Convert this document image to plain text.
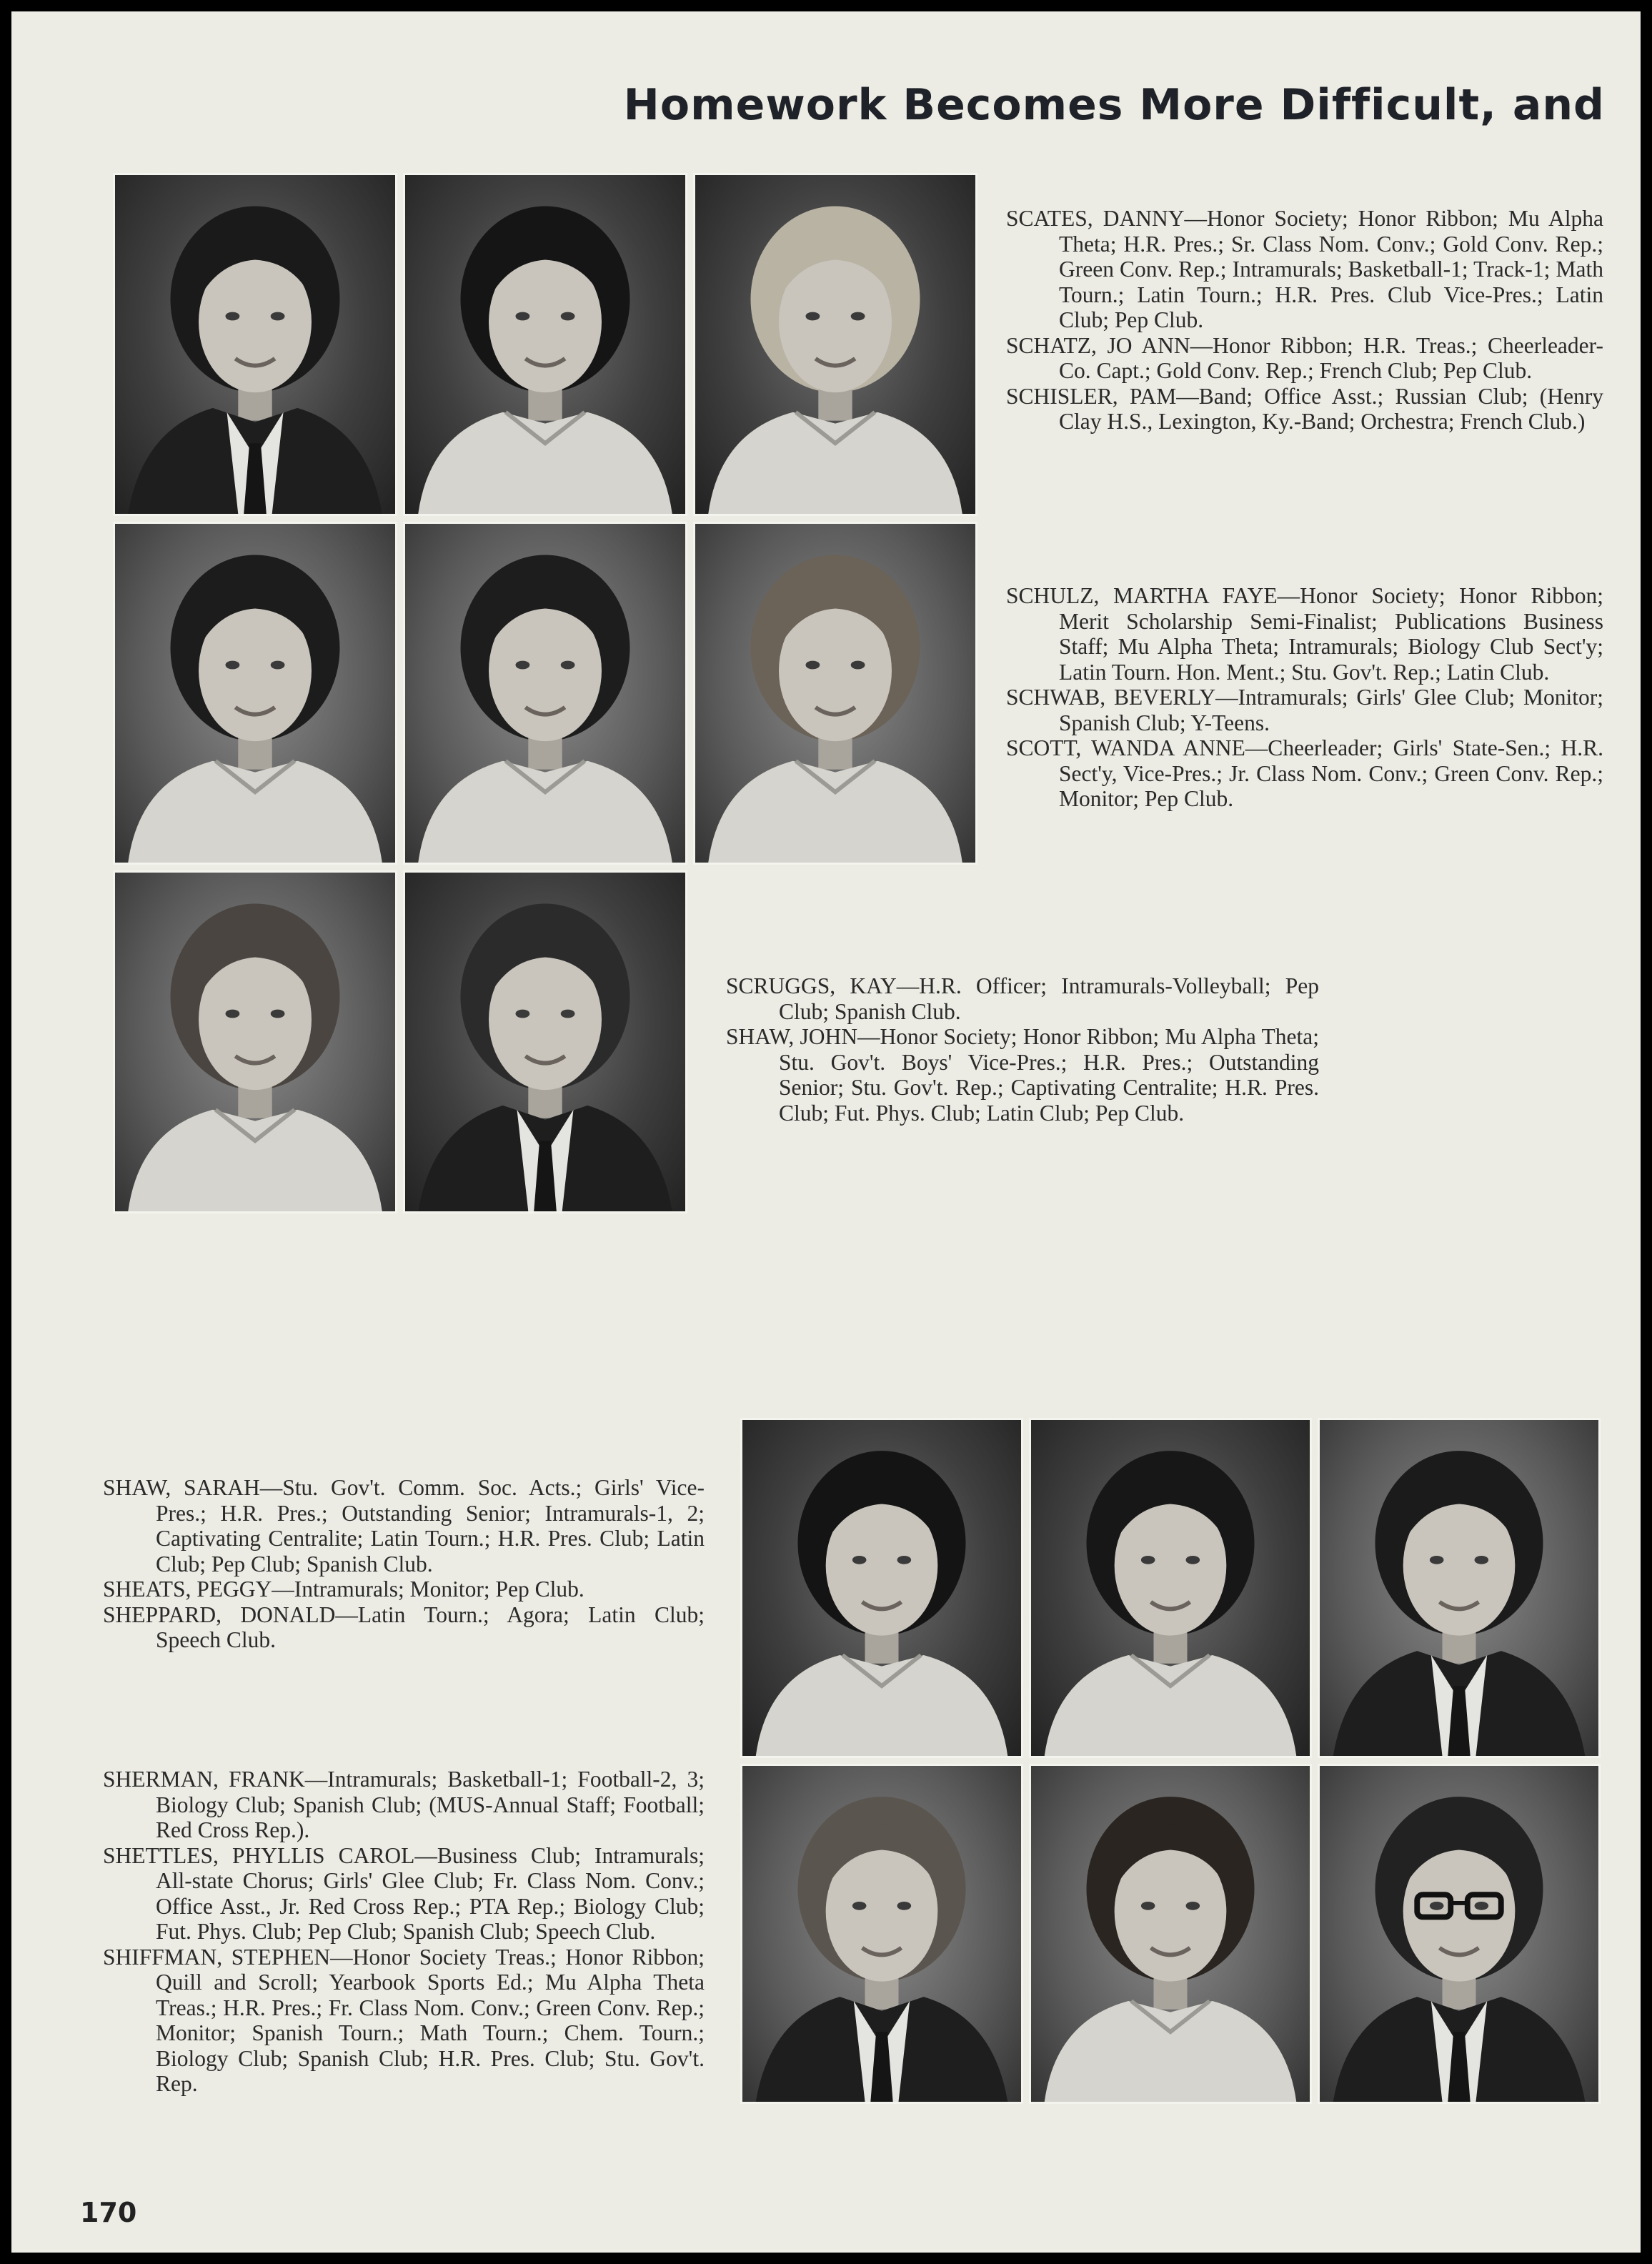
Homework Becomes More Difficult, and

SCATES, DANNY—Honor Society; Honor Ribbon; Mu Alpha Theta; H.R. Pres.; Sr. Class Nom. Conv.; Gold Conv. Rep.; Green Conv. Rep.; Intramurals; Basketball-1; Track-1; Math Tourn.; Latin Tourn.; H.R. Pres. Club Vice-Pres.; Latin Club; Pep Club.

SCHATZ, JO ANN—Honor Ribbon; H.R. Treas.; Cheerleader-Co. Capt.; Gold Conv. Rep.; French Club; Pep Club.

SCHISLER, PAM—Band; Office Asst.; Russian Club; (Henry Clay H.S., Lexington, Ky.-Band; Orchestra; French Club.)

SCHULZ, MARTHA FAYE—Honor Society; Honor Ribbon; Merit Scholarship Semi-Finalist; Publications Business Staff; Mu Alpha Theta; Intramurals; Biology Club Sect'y; Latin Tourn. Hon. Ment.; Stu. Gov't. Rep.; Latin Club.

SCHWAB, BEVERLY—Intramurals; Girls' Glee Club; Monitor; Spanish Club; Y-Teens.

SCOTT, WANDA ANNE—Cheerleader; Girls' State-Sen.; H.R. Sect'y, Vice-Pres.; Jr. Class Nom. Conv.; Green Conv. Rep.; Monitor; Pep Club.

SCRUGGS, KAY—H.R. Officer; Intramurals-Volleyball; Pep Club; Spanish Club.

SHAW, JOHN—Honor Society; Honor Ribbon; Mu Alpha Theta; Stu. Gov't. Boys' Vice-Pres.; H.R. Pres.; Outstanding Senior; Stu. Gov't. Rep.; Captivating Centralite; H.R. Pres. Club; Fut. Phys. Club; Latin Club; Pep Club.

SHAW, SARAH—Stu. Gov't. Comm. Soc. Acts.; Girls' Vice-Pres.; H.R. Pres.; Outstanding Senior; Intramurals-1, 2; Captivating Centralite; Latin Tourn.; H.R. Pres. Club; Latin Club; Pep Club; Spanish Club.

SHEATS, PEGGY—Intramurals; Monitor; Pep Club.

SHEPPARD, DONALD—Latin Tourn.; Agora; Latin Club; Speech Club.

SHERMAN, FRANK—Intramurals; Basketball-1; Football-2, 3; Biology Club; Spanish Club; (MUS-Annual Staff; Football; Red Cross Rep.).

SHETTLES, PHYLLIS CAROL—Business Club; Intramurals; All-state Chorus; Girls' Glee Club; Fr. Class Nom. Conv.; Office Asst., Jr. Red Cross Rep.; PTA Rep.; Biology Club; Fut. Phys. Club; Pep Club; Spanish Club; Speech Club.

SHIFFMAN, STEPHEN—Honor Society Treas.; Honor Ribbon; Quill and Scroll; Yearbook Sports Ed.; Mu Alpha Theta Treas.; H.R. Pres.; Fr. Class Nom. Conv.; Green Conv. Rep.; Monitor; Spanish Tourn.; Math Tourn.; Chem. Tourn.; Biology Club; Spanish Club; H.R. Pres. Club; Stu. Gov't. Rep.

170
